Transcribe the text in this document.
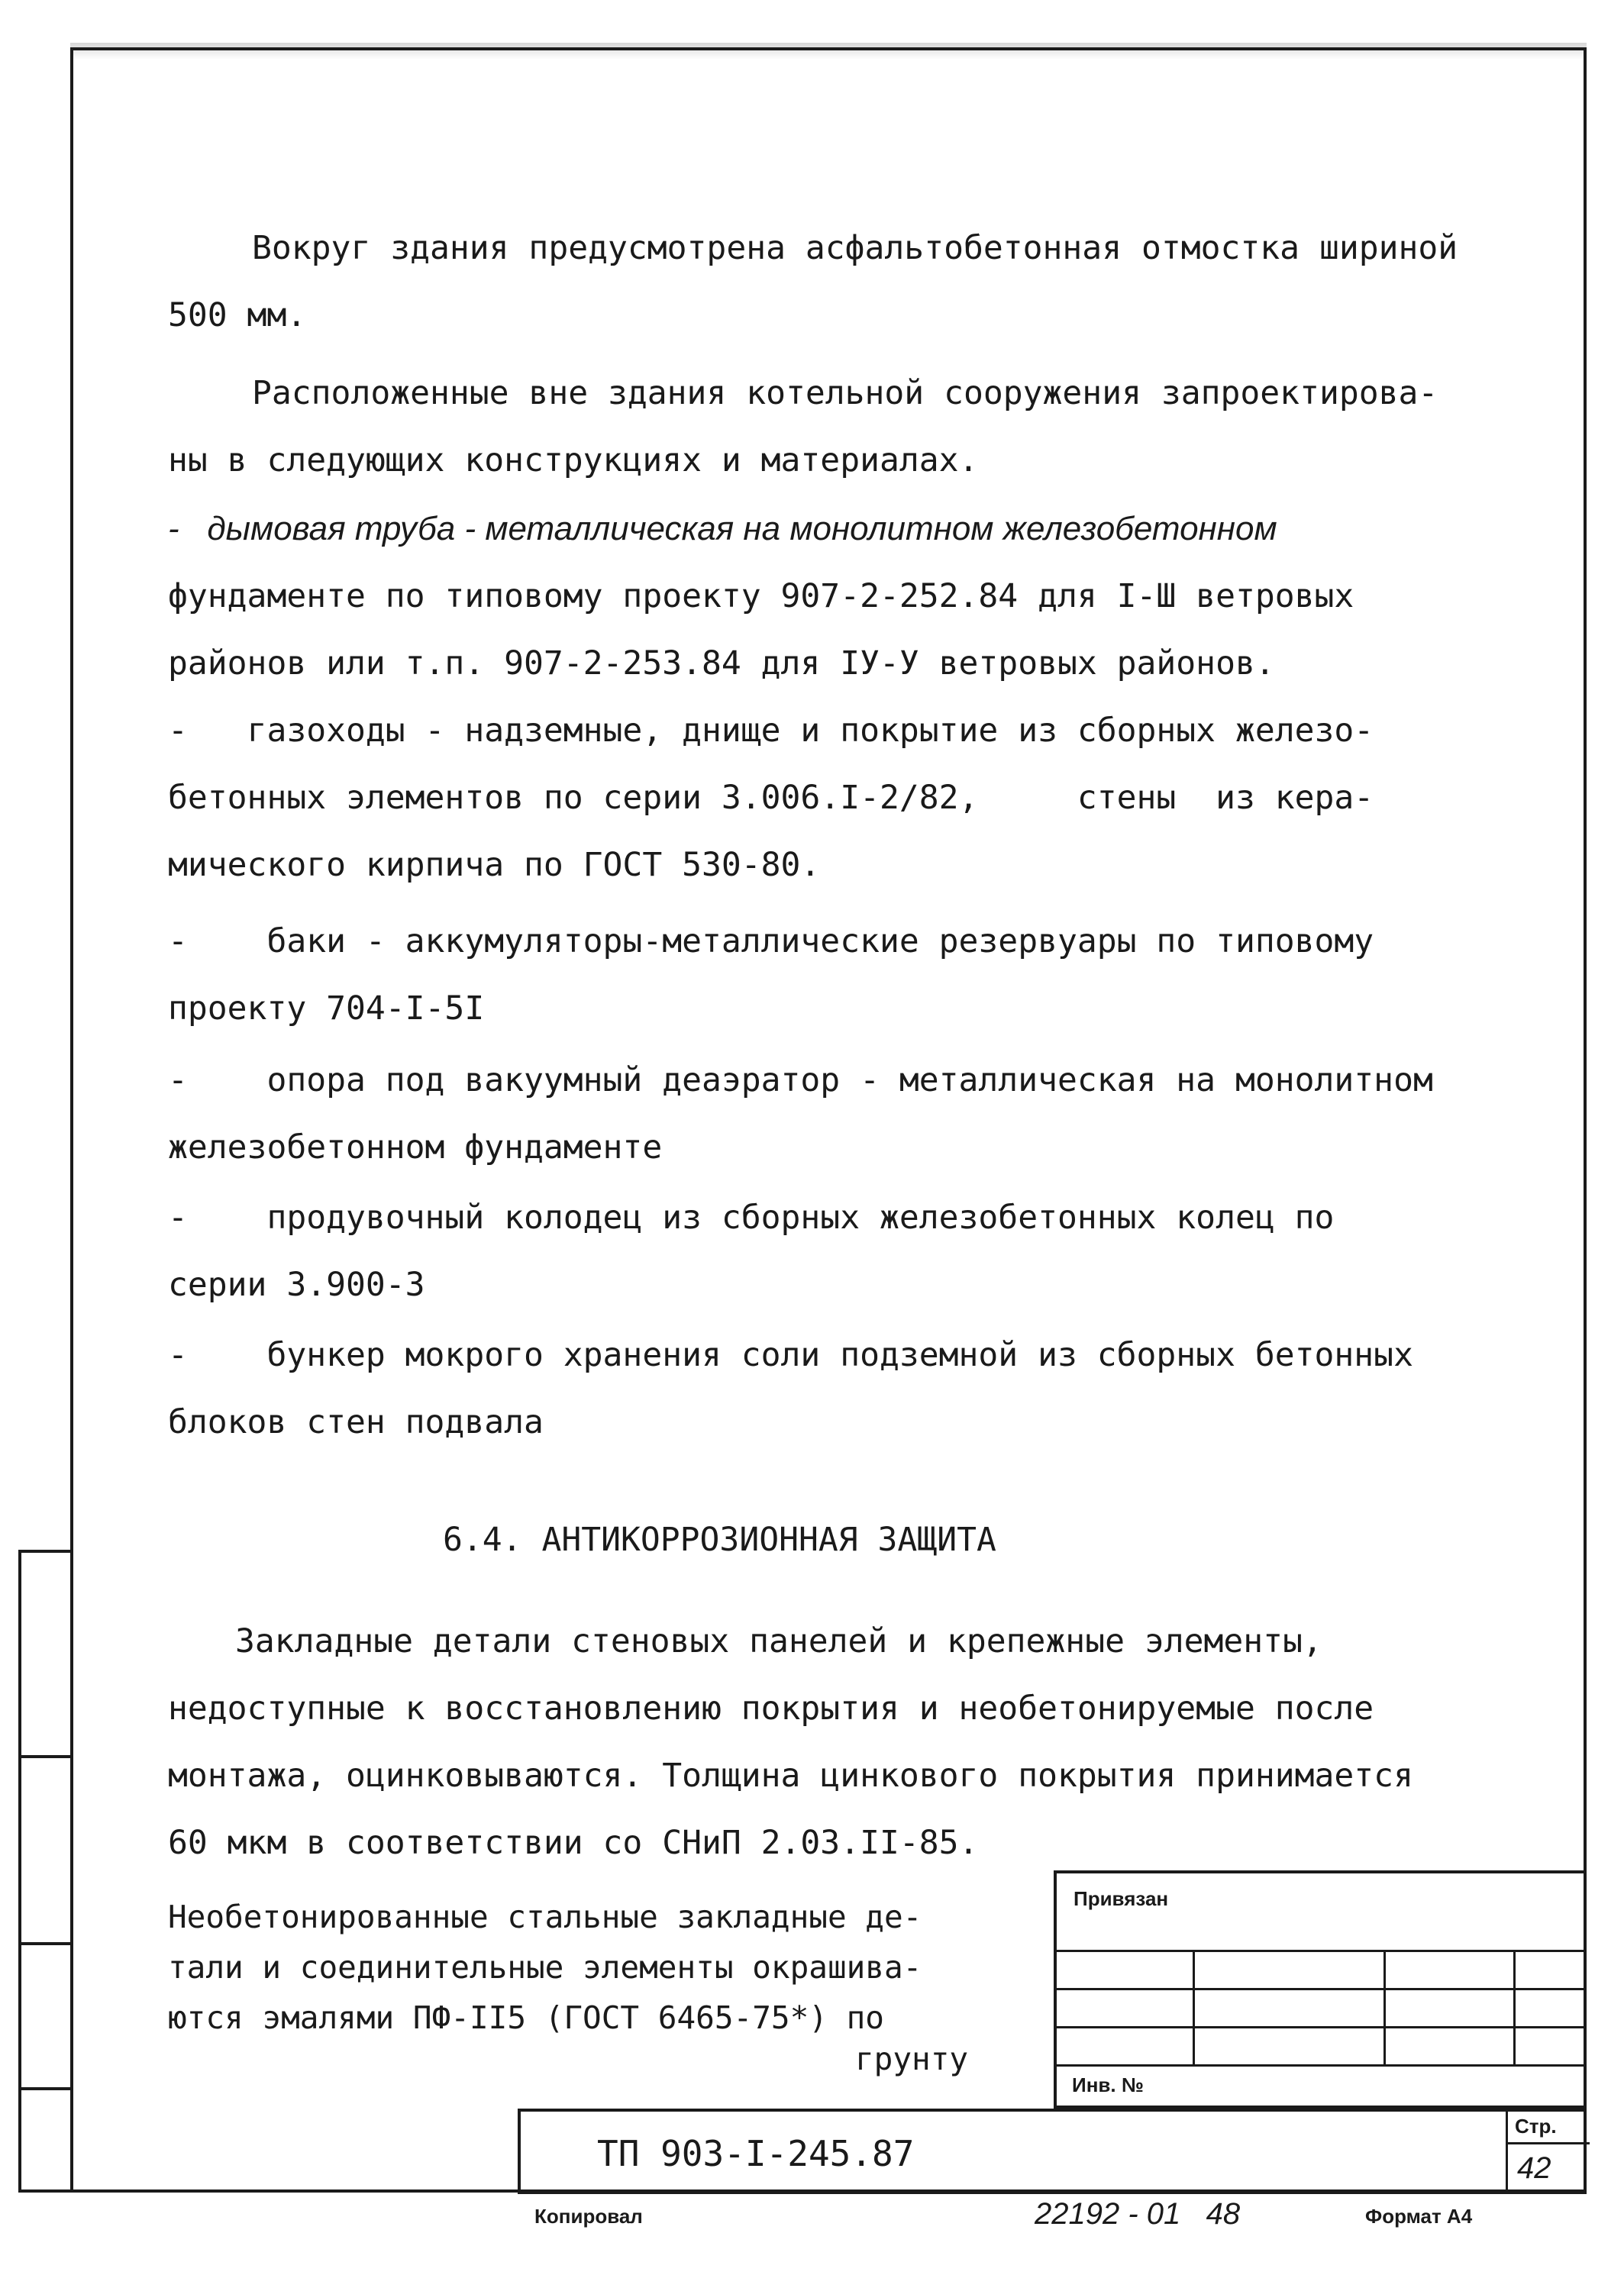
Вокруг здания предусмотрена асфальтобетонная отмостка шириной
500 мм.
Расположенные вне здания котельной сооружения запроектирова-
ны в следующих конструкциях и материалах.
-   дымовая труба - металлическая на монолитном железобетонном
фундаменте по типовому проекту 907-2-252.84 для I-Ш ветровых
районов или т.п. 907-2-253.84 для IУ-У ветровых районов.
-   газоходы - надземные, днище и покрытие из сборных железо-
бетонных элементов по серии 3.006.I-2/82,     стены  из кера-
мического кирпича по ГОСТ 530-80.
-    баки - аккумуляторы-металлические резервуары по типовому
проекту 704-I-5I
-    опора под вакуумный деаэратор - металлическая на монолитном
железобетонном фундаменте
-    продувочный колодец из сборных железобетонных колец по
серии 3.900-3
-    бункер мокрого хранения соли подземной из сборных бетонных
блоков стен подвала
6.4. АНТИКОРРОЗИОННАЯ ЗАЩИТА
Закладные детали стеновых панелей и крепежные элементы,
недоступные к восстановлению покрытия и необетонируемые после
монтажа, оцинковываются. Толщина цинкового покрытия принимается
60 мкм в соответствии со СНиП 2.03.II-85.
Необетонированные стальные закладные де-
тали и соединительные элементы окрашива-
ются эмалями ПФ-II5 (ГОСТ 6465-75*) по
грунту
Привязан
Инв. №
ТП 903-I-245.87
Стр.
42
Копировал	22192 - 01   48	Формат А4
